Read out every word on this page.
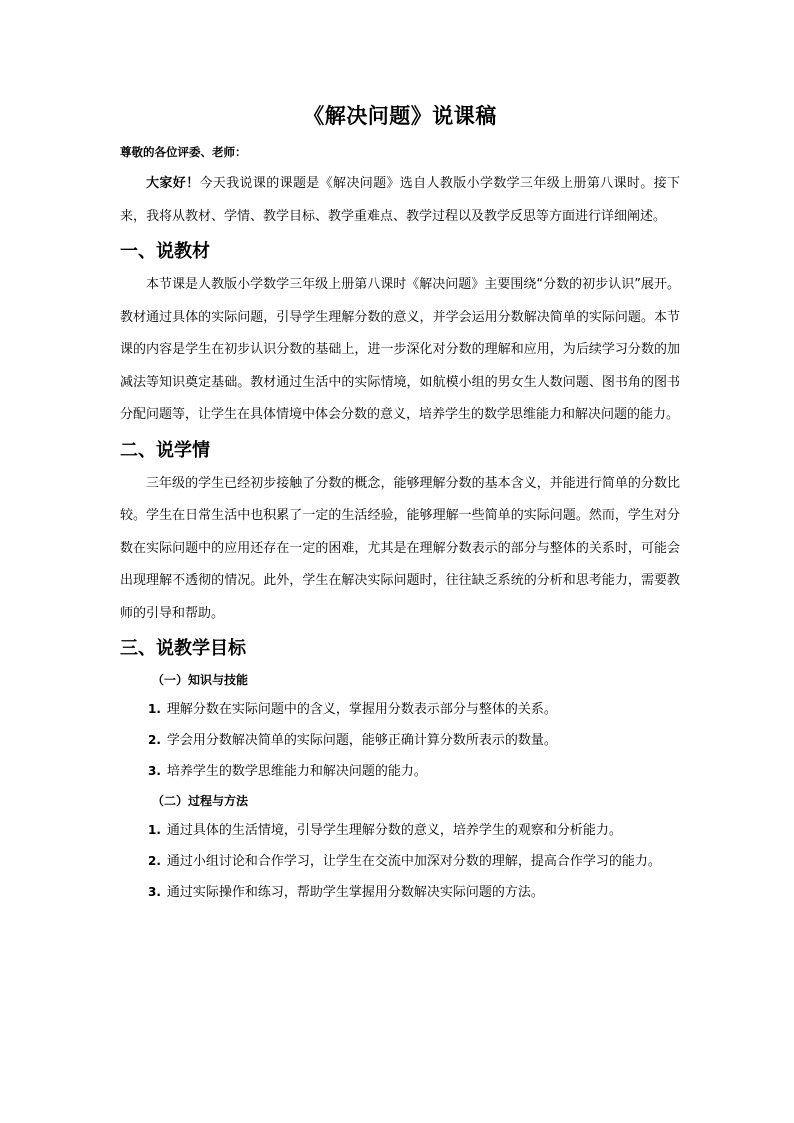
《解决问题》说课稿
尊敬的各位评委、老师：

大家好！今天我说课的课题是《解决问题》选自人教版小学数学三年级上册第八课时。接下来，我将从教材、学情、教学目标、教学重难点、教学过程以及教学反思等方面进行详细阐述。

一、说教材

本节课是人教版小学数学三年级上册第八课时《解决问题》主要围绕“分数的初步认识”展开。教材通过具体的实际问题，引导学生理解分数的意义，并学会运用分数解决简单的实际问题。本节课的内容是学生在初步认识分数的基础上，进一步深化对分数的理解和应用，为后续学习分数的加减法等知识奠定基础。教材通过生活中的实际情境，如航模小组的男女生人数问题、图书角的图书分配问题等，让学生在具体情境中体会分数的意义，培养学生的数学思维能力和解决问题的能力。

二、说学情

三年级的学生已经初步接触了分数的概念，能够理解分数的基本含义，并能进行简单的分数比较。学生在日常生活中也积累了一定的生活经验，能够理解一些简单的实际问题。然而，学生对分数在实际问题中的应用还存在一定的困难，尤其是在理解分数表示的部分与整体的关系时，可能会出现理解不透彻的情况。此外，学生在解决实际问题时，往往缺乏系统的分析和思考能力，需要教师的引导和帮助。

三、说教学目标
（一）知识与技能

1. 理解分数在实际问题中的含义，掌握用分数表示部分与整体的关系。

2. 学会用分数解决简单的实际问题，能够正确计算分数所表示的数量。

3. 培养学生的数学思维能力和解决问题的能力。

（二）过程与方法

1. 通过具体的生活情境，引导学生理解分数的意义，培养学生的观察和分析能力。

2. 通过小组讨论和合作学习，让学生在交流中加深对分数的理解，提高合作学习的能力。

3. 通过实际操作和练习，帮助学生掌握用分数解决实际问题的方法。
